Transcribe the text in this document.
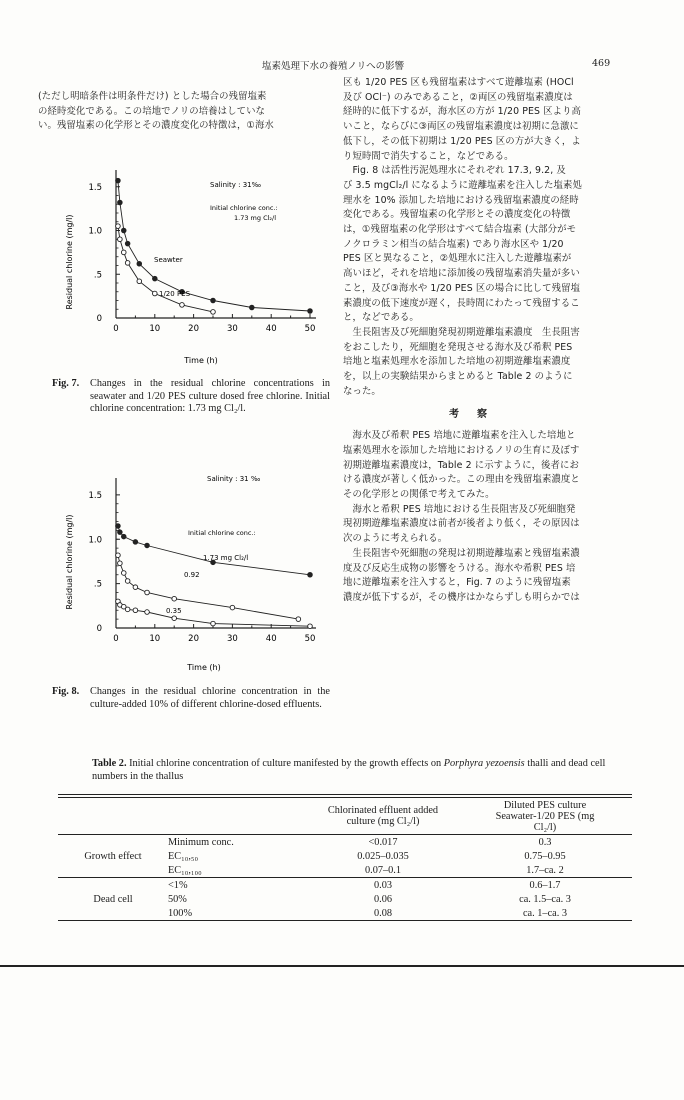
塩素処理下水の養殖ノリへの影響	469

(ただし明暗条件は明条件だけ) とした場合の残留塩素

の経時変化である。この培地でノリの培養はしていな

い。残留塩素の化学形とその濃度変化の特徴は，①海水

0	10	20	30	40	50
0
.5
1.0
1.5	Salinity : 31‰
Initial chlorine conc.:
1.73 mg Cl₂/l
Seawter
1/20 PES
Time (h)
Residual chlorine (mg/l)
Fig. 7.	Changes in the residual chlorine concentrations in seawater and 1/20 PES culture dosed free chlorine. Initial chlorine concentration: 1.73 mg Cl₂/l.
0	10	20	30	40	50
0
.5
1.0
1.5
Salinity : 31 ‰
Initial chlorine conc.:
1.73 mg Cl₂/l
0.92
0.35
Time (h)
Residual chlorine (mg/l)
Fig. 8.	Changes in the residual chlorine concentration in the culture-added 10% of different chlorine-dosed effluents.

区も 1/20 PES 区も残留塩素はすべて遊離塩素 (HOCl

及び OCl⁻) のみであること，②両区の残留塩素濃度は

経時的に低下するが，海水区の方が 1/20 PES 区より高

いこと，ならびに③両区の残留塩素濃度は初期に急激に

低下し，その低下初期は 1/20 PES 区の方が大きく，よ

り短時間で消失すること，などである。

　Fig. 8 は活性汚泥処理水にそれぞれ 17.3, 9.2, 及

び 3.5 mgCl₂/l になるように遊離塩素を注入した塩素処

理水を 10% 添加した培地における残留塩素濃度の経時

変化である。残留塩素の化学形とその濃度変化の特徴

は，①残留塩素の化学形はすべて結合塩素 (大部分がモ

ノクロラミン相当の結合塩素) であり海水区や 1/20

PES 区と異なること，②処理水に注入した遊離塩素が

高いほど，それを培地に添加後の残留塩素消失量が多い

こと，及び③海水や 1/20 PES 区の場合に比して残留塩

素濃度の低下速度が遅く，長時間にわたって残留するこ

と，などである。

　生長阻害及び死細胞発現初期遊離塩素濃度　生長阻害

をおこしたり，死細胞を発現させる海水及び希釈 PES

培地と塩素処理水を添加した培地の初期遊離塩素濃度

を，以上の実験結果からまとめると Table 2 のように

なった。

考察

　海水及び希釈 PES 培地に遊離塩素を注入した培地と

塩素処理水を添加した培地におけるノリの生育に及ぼす

初期遊離塩素濃度は，Table 2 に示すように，後者にお

ける濃度が著しく低かった。この理由を残留塩素濃度と

その化学形との関係で考えてみた。

　海水と希釈 PES 培地における生長阻害及び死細胞発

現初期遊離塩素濃度は前者が後者より低く，その原因は

次のように考えられる。

　生長阻害や死細胞の発現は初期遊離塩素と残留塩素濃

度及び反応生成物の影響をうける。海水や希釈 PES 培

地に遊離塩素を注入すると，Fig. 7 のように残留塩素

濃度が低下するが，その機序はかならずしも明らかでは

Table 2. Initial chlorine concentration of culture manifested by the growth effects on Porphyra yezoensis thalli and dead cell numbers in the thallus
	Chlorinated effluent added culture (mg Cl₂/l)	Diluted PES culture Seawater-1/20 PES (mg Cl₂/l)
	Minimum conc.	<0.017	0.3
Growth effect	EC₁₀,₅₀	0.025–0.035	0.75–0.95
	EC₁₀,₁₀₀	0.07–0.1	1.7–ca. 2
	<1%	0.03	0.6–1.7
Dead cell	50%	0.06	ca. 1.5–ca. 3
	100%	0.08	ca. 1–ca. 3
